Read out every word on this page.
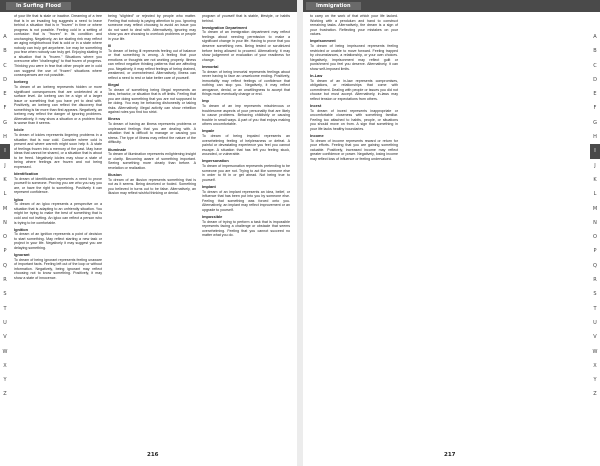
In Surfing Flood	Immigration
A
B
C
D
E
F
G
H
I
J
K
L
M
N
O
P
Q
R
S
T
U
V
W
X
Y
Z
A
B
C
D
E
F
G
H
I
J
K
L
M
N
O
P
Q
R
S
T
U
V
W
X
Y
Z
of your life that is stale or inactive. Dreaming of a tree that is in an invading fog suggests a need to leave behind a situation that is in "frozen" in time or where progress is not possible. Feeling cold in a setting of confusion that is "frozen" in its condition and unchanging. Negatively, an ice skating rink may reflect an aging neighborhood that is cold or in a state where nobody can truly get anywhere. Ice may be something you fear when nobody can truly get. Enjoying skating in a situation that is "frozen." Situations where you overcome after "challenging" to that frozen of progress. Thinking you were in fear that other people are in cold can suggest the use of "frozen" situations where consequences are not possible.
Iceberg
To dream of an iceberg represents hidden or more significant consequences that are undetected at a surface level. An iceberg can be a sign of a larger issue or something that you have yet to deal with. Positively, an iceberg can reflect the discovery that something is far more than first appears. Negatively, an iceberg may reflect the danger of ignoring problems. Alternatively, it may show a situation or a problem that is worse than it seems.
Icicle
To dream of icicles represents lingering problems in a situation that is now cold. Consider where cold is present and where warmth might soon help it. A state of feelings frozen into a memory of the past. May have ideas that cannot be shared, or a situation that is about to be freed. Negatively icicles may show a state of being where feelings are frozen and not being expressed.
Identification
To dream of identification represents a need to prove yourself to someone. Proving you are who you say you are, or have the right to something. Positively it can represent confidence.
Igloo
To dream of an igloo represents a perspective on a situation that is adapting to an unfriendly situation. You might be trying to make the best of something that is cold and not inviting. An igloo can reflect a person who is trying to be comfortable.
Ignition
To dream of an ignition represents a point of decision to start something. May reflect starting a new task or project in your life. Negatively it may suggest you are delaying something.
Ignorant
To dream of being ignorant represents feeling unaware of important facts. Feeling left out of the loop or without information. Negatively, being ignorant may reflect choosing not to know something. Positively, it may show a state of innocence.
being "slighted" or rejected by people who matter. Feeling that nobody is paying attention to you. Ignoring someone may reflect choosing to avoid an issue you do not want to deal with. Alternatively, ignoring may show you are choosing to overlook problems or people in your life.
Ill
To dream of being ill represents feeling out of balance or that something is wrong. A feeling that your emotions or thoughts are not working properly. Illness can reflect negative thinking patterns that are affecting you. Negatively, it may reflect feelings of being drained, weakened, or overwhelmed. Alternatively, illness can reflect a need to rest or take better care of yourself.
Illegal
To dream of something being illegal represents an idea, behavior, or situation that is off limits. Feeling that you are doing something that you are not supposed to be doing. You may be behaving dishonestly or taking risks. Alternatively, illegal activity can show rebellion against rules you find too strict.
Illness
To dream of having an illness represents problems or unpleasant feelings that you are dealing with. A situation that is difficult to manage or causing you stress. The type of illness may reflect the nature of the difficulty.
Illuminate
To dream of illumination represents enlightening insight or clarity. Becoming aware of something important. Seeing something more clearly than before. A revelation or realization.
Illusion
To dream of an illusion represents something that is not as it seems. Being deceived or fooled. Something you believed in turns out to be false. Alternatively, an illusion may reflect wishful thinking or denial.
program of yourself that is stable, lifestyle, or habits behind.
Immigration Department
To dream of an immigration department may reflect feelings about needing permission to make a significant change in your life. Having to prove that you deserve something new. Being tested or scrutinized before being allowed to proceed. Alternatively, it may show judgement or evaluation of your readiness for change.
Immortal
To dream of being immortal represents feelings about never having to face an unwelcome ending. Positively, immortality may reflect feelings of confidence that nothing can stop you. Negatively, it may reflect arrogance, denial, or an unwillingness to accept that things must eventually change or end.
Imp
To dream of an imp represents mischievous or troublesome aspects of your personality that are likely to cause problems. Behaving childishly or causing trouble in small ways. A part of you that enjoys making others uncomfortable.
Impale
To dream of being impaled represents an overwhelming feeling of helplessness or defeat. A painful or devastating experience you feel you cannot escape. A situation that has left you feeling stuck, wounded, or vulnerable.
Impersonation
To dream of impersonation represents pretending to be someone you are not. Trying to act like someone else in order to fit in or get ahead. Not being true to yourself.
Implant
To dream of an implant represents an idea, belief, or influence that has been put into you by someone else. Feeling that something was forced onto you. Alternatively, an implant may reflect improvement or an upgrade to yourself.
Impossible
To dream of trying to perform a task that is impossible represents facing a challenge or obstacle that seems overwhelming. Feeling that you cannot succeed no matter what you do.
to carry on the work of that which your life lacked. Working with a pendulum and hand to construct remaining tasks. Alternatively, the dream is a sign of your frustration. Reflecting your mistakes on your values.
Imprisonment
To dream of being imprisoned represents feeling restricted or unable to move forward. Feeling trapped by circumstances, a relationship, or your own choices. Negatively, imprisonment may reflect guilt or punishment you feel you deserve. Alternatively, it can show self-imposed limits.
In-Law
To dream of an in-law represents compromises, obligations, or relationships that come with commitment. Dealing with people or issues you did not choose but must accept. Alternatively, in-laws may reflect tension or expectations from others.
Incest
To dream of incest represents inappropriate or uncomfortable closeness with something familiar. Feeling too attached to habits, people, or situations you should move on from. A sign that something in your life lacks healthy boundaries.
Income
To dream of income represents reward or return for your efforts. Feeling that you are gaining something valuable. Positively, increased income may reflect greater confidence or power. Negatively, losing income may reflect loss of influence or feeling undervalued.
216	217
